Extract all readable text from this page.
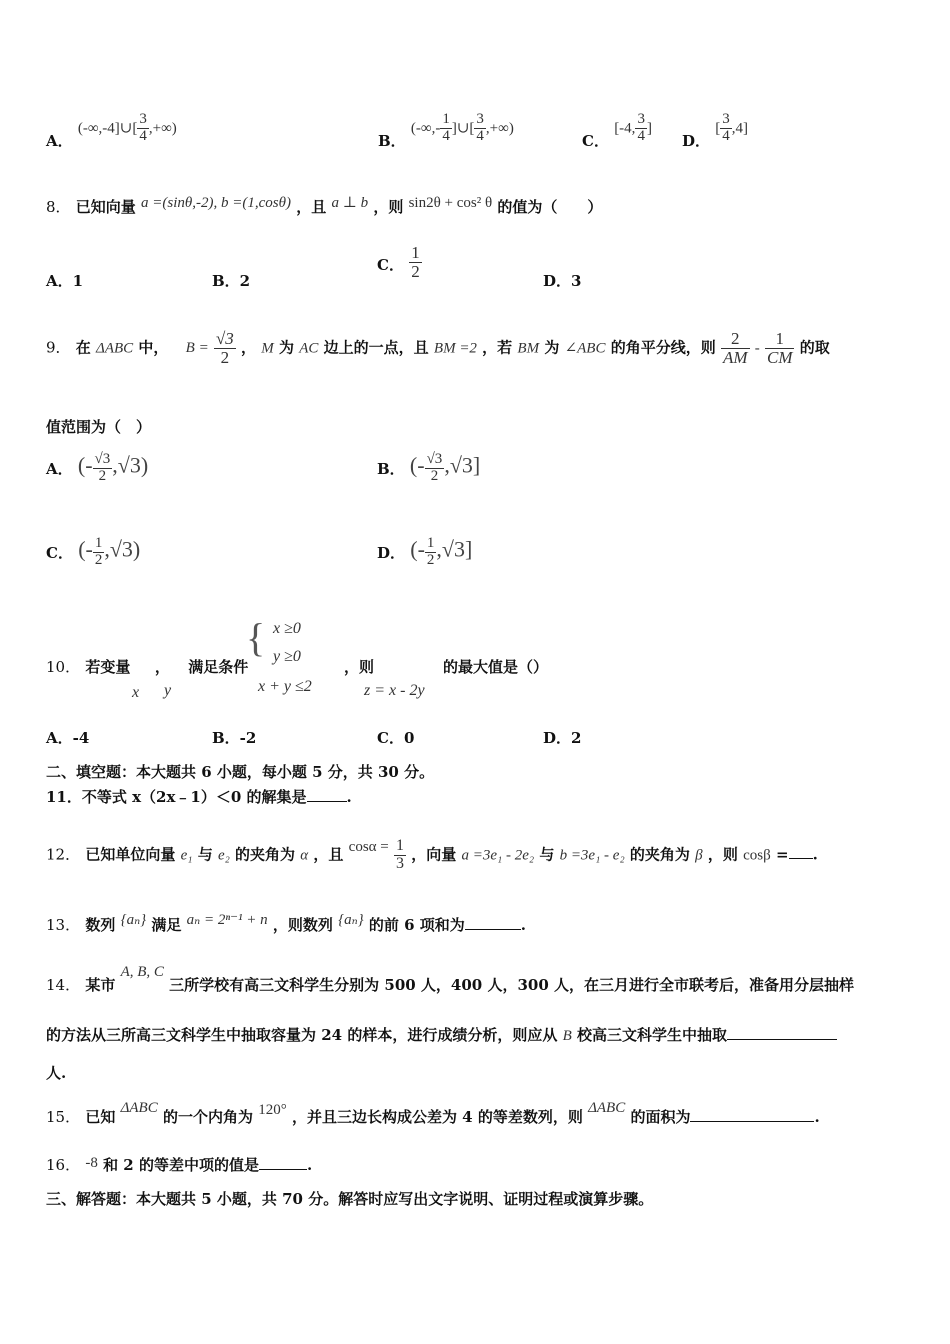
A． (-∞,-4]∪[ $\frac{3}{4}$ ,+∞)
B． (-∞,- $\frac{1}{4}$ ]∪[ $\frac{3}{4}$ ,+∞)
C． [-4, $\frac{3}{4}$ ]
D． [ $\frac{3}{4} ,4$]
8． 已知向量 a =(sinθ,-2), b =(1,cosθ) ，且 a ⊥ b ，则 sin2θ + cos² θ 的值为（　　）
A．1	B．2
C． $\frac{1}{2}$
D．3
9． 在 ΔABC 中， $B = \frac{√3}{2}$ ， M 为 AC 边上的一点，且 BM =2 ，若 BM 为 ∠ABC 的角平分线，则 $\frac{2}{AM} - \frac{1}{CM}$ 的取
值范围为（　）
A． (- $\frac{√3}{2} ,√3$)	B． (- $\frac{√3}{2} ,√3$]
C． (- $\frac{1}{2} ,√3$)	D． (- $\frac{1}{2} ,√3$]
10． 若变量 ， 满足条件
{ x ≥0
y ≥0
x + y ≤2
，则	的最大值是（）
x y	z = x - 2y
A．-4	B．-2	C．0	D．2
二、填空题：本大题共 6 小题，每小题 5 分，共 30 分。
11．不等式 x（2x﹣1）＜0 的解集是	.
12． 已知单位向量 e₁ 与 e₂ 的夹角为 α ，且 $\cos\alpha = \frac{1}{3}$ ，向量 a =3e₁ - 2e₂ 与 b =3e₁ - e₂ 的夹角为 β ，则 cosβ = .
13． 数列 {aₙ} 满足 aₙ = 2ⁿ⁻¹ + n ，则数列 {aₙ} 的前 6 项和为	.
14． 某市 A, B, C 三所学校有高三文科学生分别为 500 人，400 人，300 人，在三月进行全市联考后，准备用分层抽样
的方法从三所高三文科学生中抽取容量为 24 的样本，进行成绩分析，则应从 B 校高三文科学生中抽取
人.
15． 已知 ΔABC 的一个内角为 120° ，并且三边长构成公差为 4 的等差数列，则 ΔABC 的面积为	.
16． -8 和 2 的等差中项的值是	.
三、解答题：本大题共 5 小题，共 70 分。解答时应写出文字说明、证明过程或演算步骤。
